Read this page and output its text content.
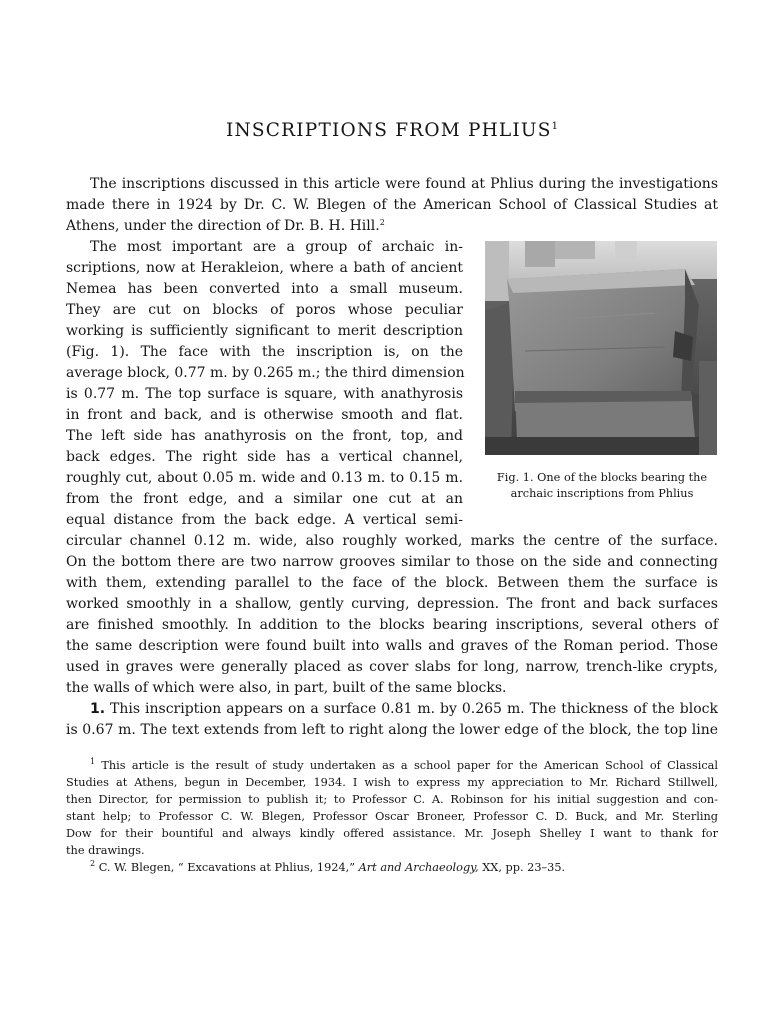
INSCRIPTIONS FROM PHLIUS$^1$
The inscriptions discussed in this article were found at Phlius during the investigations
made there in 1924 by Dr. C. W. Blegen of the American School of Classical Studies at
Athens, under the direction of Dr. B. H. Hill.$^2$
The most important are a group of archaic in-
scriptions, now at Herakleion, where a bath of ancient
Nemea has been converted into a small museum.
They are cut on blocks of poros whose peculiar
working is sufficiently significant to merit description
(Fig. 1). The face with the inscription is, on the
average block, 0.77 m. by 0.265 m.; the third dimension
is 0.77 m. The top surface is square, with anathyrosis
in front and back, and is otherwise smooth and flat.
The left side has anathyrosis on the front, top, and
back edges. The right side has a vertical channel,
roughly cut, about 0.05 m. wide and 0.13 m. to 0.15 m.
from the front edge, and a similar one cut at an
equal distance from the back edge. A vertical semi-
circular channel 0.12 m. wide, also roughly worked, marks the centre of the surface.
On the bottom there are two narrow grooves similar to those on the side and connecting
with them, extending parallel to the face of the block. Between them the surface is
worked smoothly in a shallow, gently curving, depression. The front and back surfaces
are finished smoothly. In addition to the blocks bearing inscriptions, several others of
the same description were found built into walls and graves of the Roman period. Those
used in graves were generally placed as cover slabs for long, narrow, trench-like crypts,
the walls of which were also, in part, built of the same blocks.
1. This inscription appears on a surface 0.81 m. by 0.265 m. The thickness of the block
is 0.67 m. The text extends from left to right along the lower edge of the block, the top line
Fig. 1. One of the blocks bearing the
archaic inscriptions from Phlius
$^1$ This article is the result of study undertaken as a school paper for the American School of Classical
Studies at Athens, begun in December, 1934. I wish to express my appreciation to Mr. Richard Stillwell,
then Director, for permission to publish it; to Professor C. A. Robinson for his initial suggestion and con-
stant help; to Professor C. W. Blegen, Professor Oscar Broneer, Professor C. D. Buck, and Mr. Sterling
Dow for their bountiful and always kindly offered assistance. Mr. Joseph Shelley I want to thank for
the drawings.
$^2$ C. W. Blegen, “ Excavations at Phlius, 1924,” Art and Archaeology, XX, pp. 23–35.
